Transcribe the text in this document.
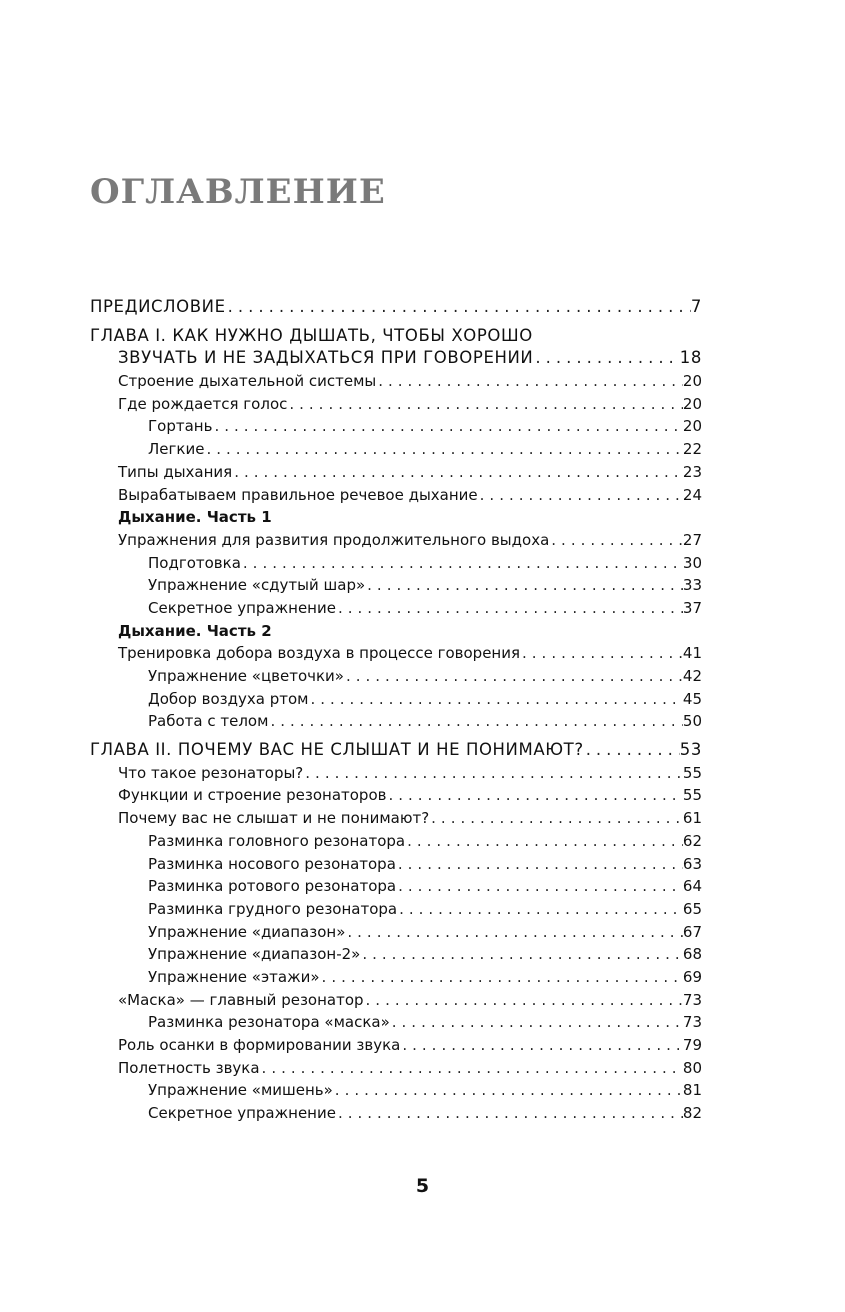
ОГЛАВЛЕНИЕ
ПРЕДИСЛОВИЕ .....	7
ГЛАВА I. КАК НУЖНО ДЫШАТЬ, ЧТОБЫ ХОРОШО
ЗВУЧАТЬ И НЕ ЗАДЫХАТЬСЯ ПРИ ГОВОРЕНИИ .....	18
Строение дыхательной системы .....	20
Где рождается голос .....	20
Гортань .....	20
Легкие .....	22
Типы дыхания .....	23
Вырабатываем правильное речевое дыхание .....	24
Дыхание. Часть 1
Упражнения для развития продолжительного выдоха .....	27
Подготовка .....	30
Упражнение «сдутый шар» .....	33
Секретное упражнение .....	37
Дыхание. Часть 2
Тренировка добора воздуха в процессе говорения .....	41
Упражнение «цветочки» .....	42
Добор воздуха ртом .....	45
Работа с телом .....	50
ГЛАВА II. ПОЧЕМУ ВАС НЕ СЛЫШАТ И НЕ ПОНИМАЮТ? .....	53
Что такое резонаторы? .....	55
Функции и строение резонаторов .....	55
Почему вас не слышат и не понимают? .....	61
Разминка головного резонатора .....	62
Разминка носового резонатора .....	63
Разминка ротового резонатора .....	64
Разминка грудного резонатора .....	65
Упражнение «диапазон» .....	67
Упражнение «диапазон-2» .....	68
Упражнение «этажи» .....	69
«Маска» — главный резонатор .....	73
Разминка резонатора «маска» .....	73
Роль осанки в формировании звука .....	79
Полетность звука .....	80
Упражнение «мишень» .....	81
Секретное упражнение .....	82
5
